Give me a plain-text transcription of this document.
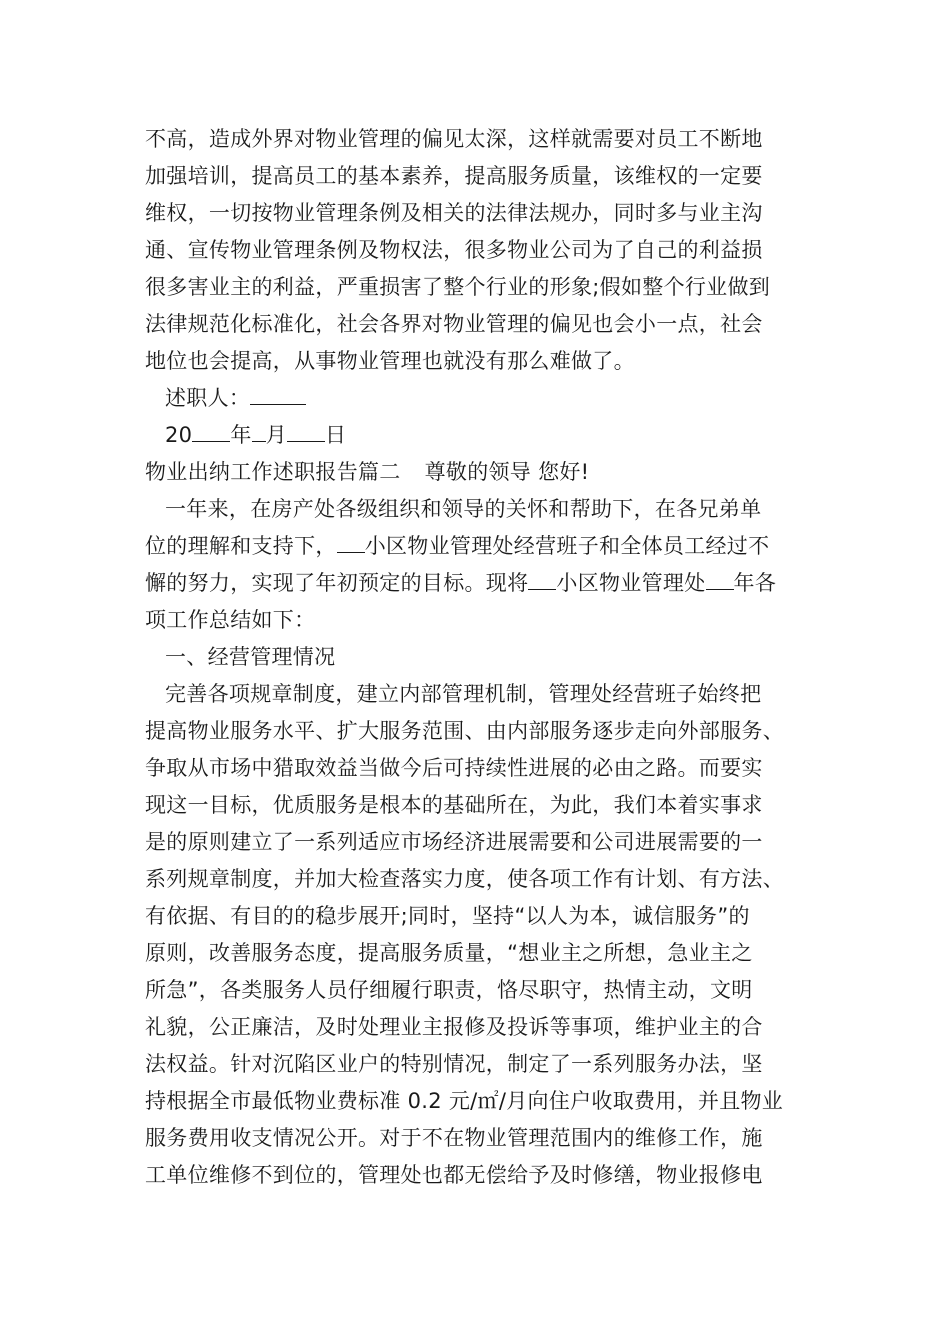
不高，造成外界对物业管理的偏见太深，这样就需要对员工不断地
加强培训，提高员工的基本素养，提高服务质量，该维权的一定要
维权，一切按物业管理条例及相关的法律法规办，同时多与业主沟
通、宣传物业管理条例及物权法，很多物业公司为了自己的利益损
很多害业主的利益，严重损害了整个行业的形象;假如整个行业做到
法律规范化标准化，社会各界对物业管理的偏见也会小一点，社会
地位也会提高，从事物业管理也就没有那么难做了。
述职人：
20 年 月 日
物业出纳工作述职报告篇二 尊敬的领导 您好!
一年来，在房产处各级组织和领导的关怀和帮助下，在各兄弟单
位的理解和支持下， 小区物业管理处经营班子和全体员工经过不
懈的努力，实现了年初预定的目标。现将 小区物业管理处 年各
项工作总结如下：
一、经营管理情况
完善各项规章制度，建立内部管理机制，管理处经营班子始终把
提高物业服务水平、扩大服务范围、由内部服务逐步走向外部服务、
争取从市场中猎取效益当做今后可持续性进展的必由之路。而要实
现这一目标，优质服务是根本的基础所在，为此，我们本着实事求
是的原则建立了一系列适应市场经济进展需要和公司进展需要的一
系列规章制度，并加大检查落实力度，使各项工作有计划、有方法、
有依据、有目的的稳步展开;同时，坚持“以人为本，诚信服务”的
原则，改善服务态度，提高服务质量，“想业主之所想，急业主之
所急”，各类服务人员仔细履行职责，恪尽职守，热情主动，文明
礼貌，公正廉洁，及时处理业主报修及投诉等事项，维护业主的合
法权益。针对沉陷区业户的特别情况，制定了一系列服务办法，坚
持根据全市最低物业费标准 0.2 元/㎡/月向住户收取费用，并且物业
服务费用收支情况公开。对于不在物业管理范围内的维修工作，施
工单位维修不到位的，管理处也都无偿给予及时修缮，物业报修电
